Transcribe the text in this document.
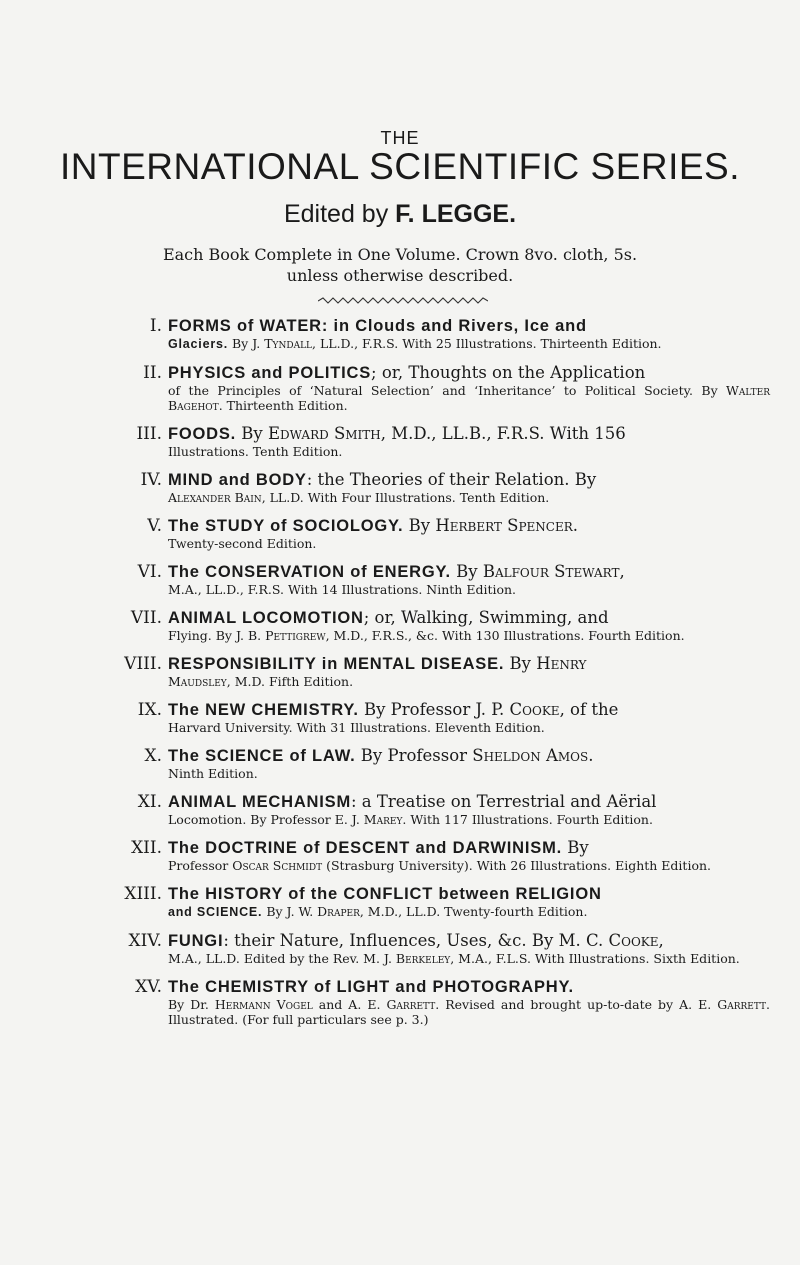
THE
INTERNATIONAL SCIENTIFIC SERIES.
Edited by F. LEGGE.
Each Book Complete in One Volume. Crown 8vo. cloth, 5s.
unless otherwise described.
I. FORMS of WATER: in Clouds and Rivers, Ice and
Glaciers. By J. Tyndall, LL.D., F.R.S. With 25 Illustrations. Thirteenth Edition.
II. PHYSICS and POLITICS; or, Thoughts on the Application
of the Principles of ‘Natural Selection’ and ‘Inheritance’ to Political Society. By Walter Bagehot. Thirteenth Edition.
III. FOODS. By Edward Smith, M.D., LL.B., F.R.S. With 156
Illustrations. Tenth Edition.
IV. MIND and BODY: the Theories of their Relation. By
Alexander Bain, LL.D. With Four Illustrations. Tenth Edition.
V. The STUDY of SOCIOLOGY. By Herbert Spencer.
Twenty-second Edition.
VI. The CONSERVATION of ENERGY. By Balfour Stewart,
M.A., LL.D., F.R.S. With 14 Illustrations. Ninth Edition.
VII. ANIMAL LOCOMOTION; or, Walking, Swimming, and
Flying. By J. B. Pettigrew, M.D., F.R.S., &c. With 130 Illustrations. Fourth Edition.
VIII. RESPONSIBILITY in MENTAL DISEASE. By Henry
Maudsley, M.D. Fifth Edition.
IX. The NEW CHEMISTRY. By Professor J. P. Cooke, of the
Harvard University. With 31 Illustrations. Eleventh Edition.
X. The SCIENCE of LAW. By Professor Sheldon Amos.
Ninth Edition.
XI. ANIMAL MECHANISM: a Treatise on Terrestrial and Aërial
Locomotion. By Professor E. J. Marey. With 117 Illustrations. Fourth Edition.
XII. The DOCTRINE of DESCENT and DARWINISM. By
Professor Oscar Schmidt (Strasburg University). With 26 Illustrations. Eighth Edition.
XIII. The HISTORY of the CONFLICT between RELIGION
and SCIENCE. By J. W. Draper, M.D., LL.D. Twenty-fourth Edition.
XIV. FUNGI: their Nature, Influences, Uses, &c. By M. C. Cooke,
M.A., LL.D. Edited by the Rev. M. J. Berkeley, M.A., F.L.S. With Illustrations. Sixth Edition.
XV. The CHEMISTRY of LIGHT and PHOTOGRAPHY.
By Dr. Hermann Vogel and A. E. Garrett. Revised and brought up-to-date by A. E. Garrett. Illustrated. (For full particulars see p. 3.)
